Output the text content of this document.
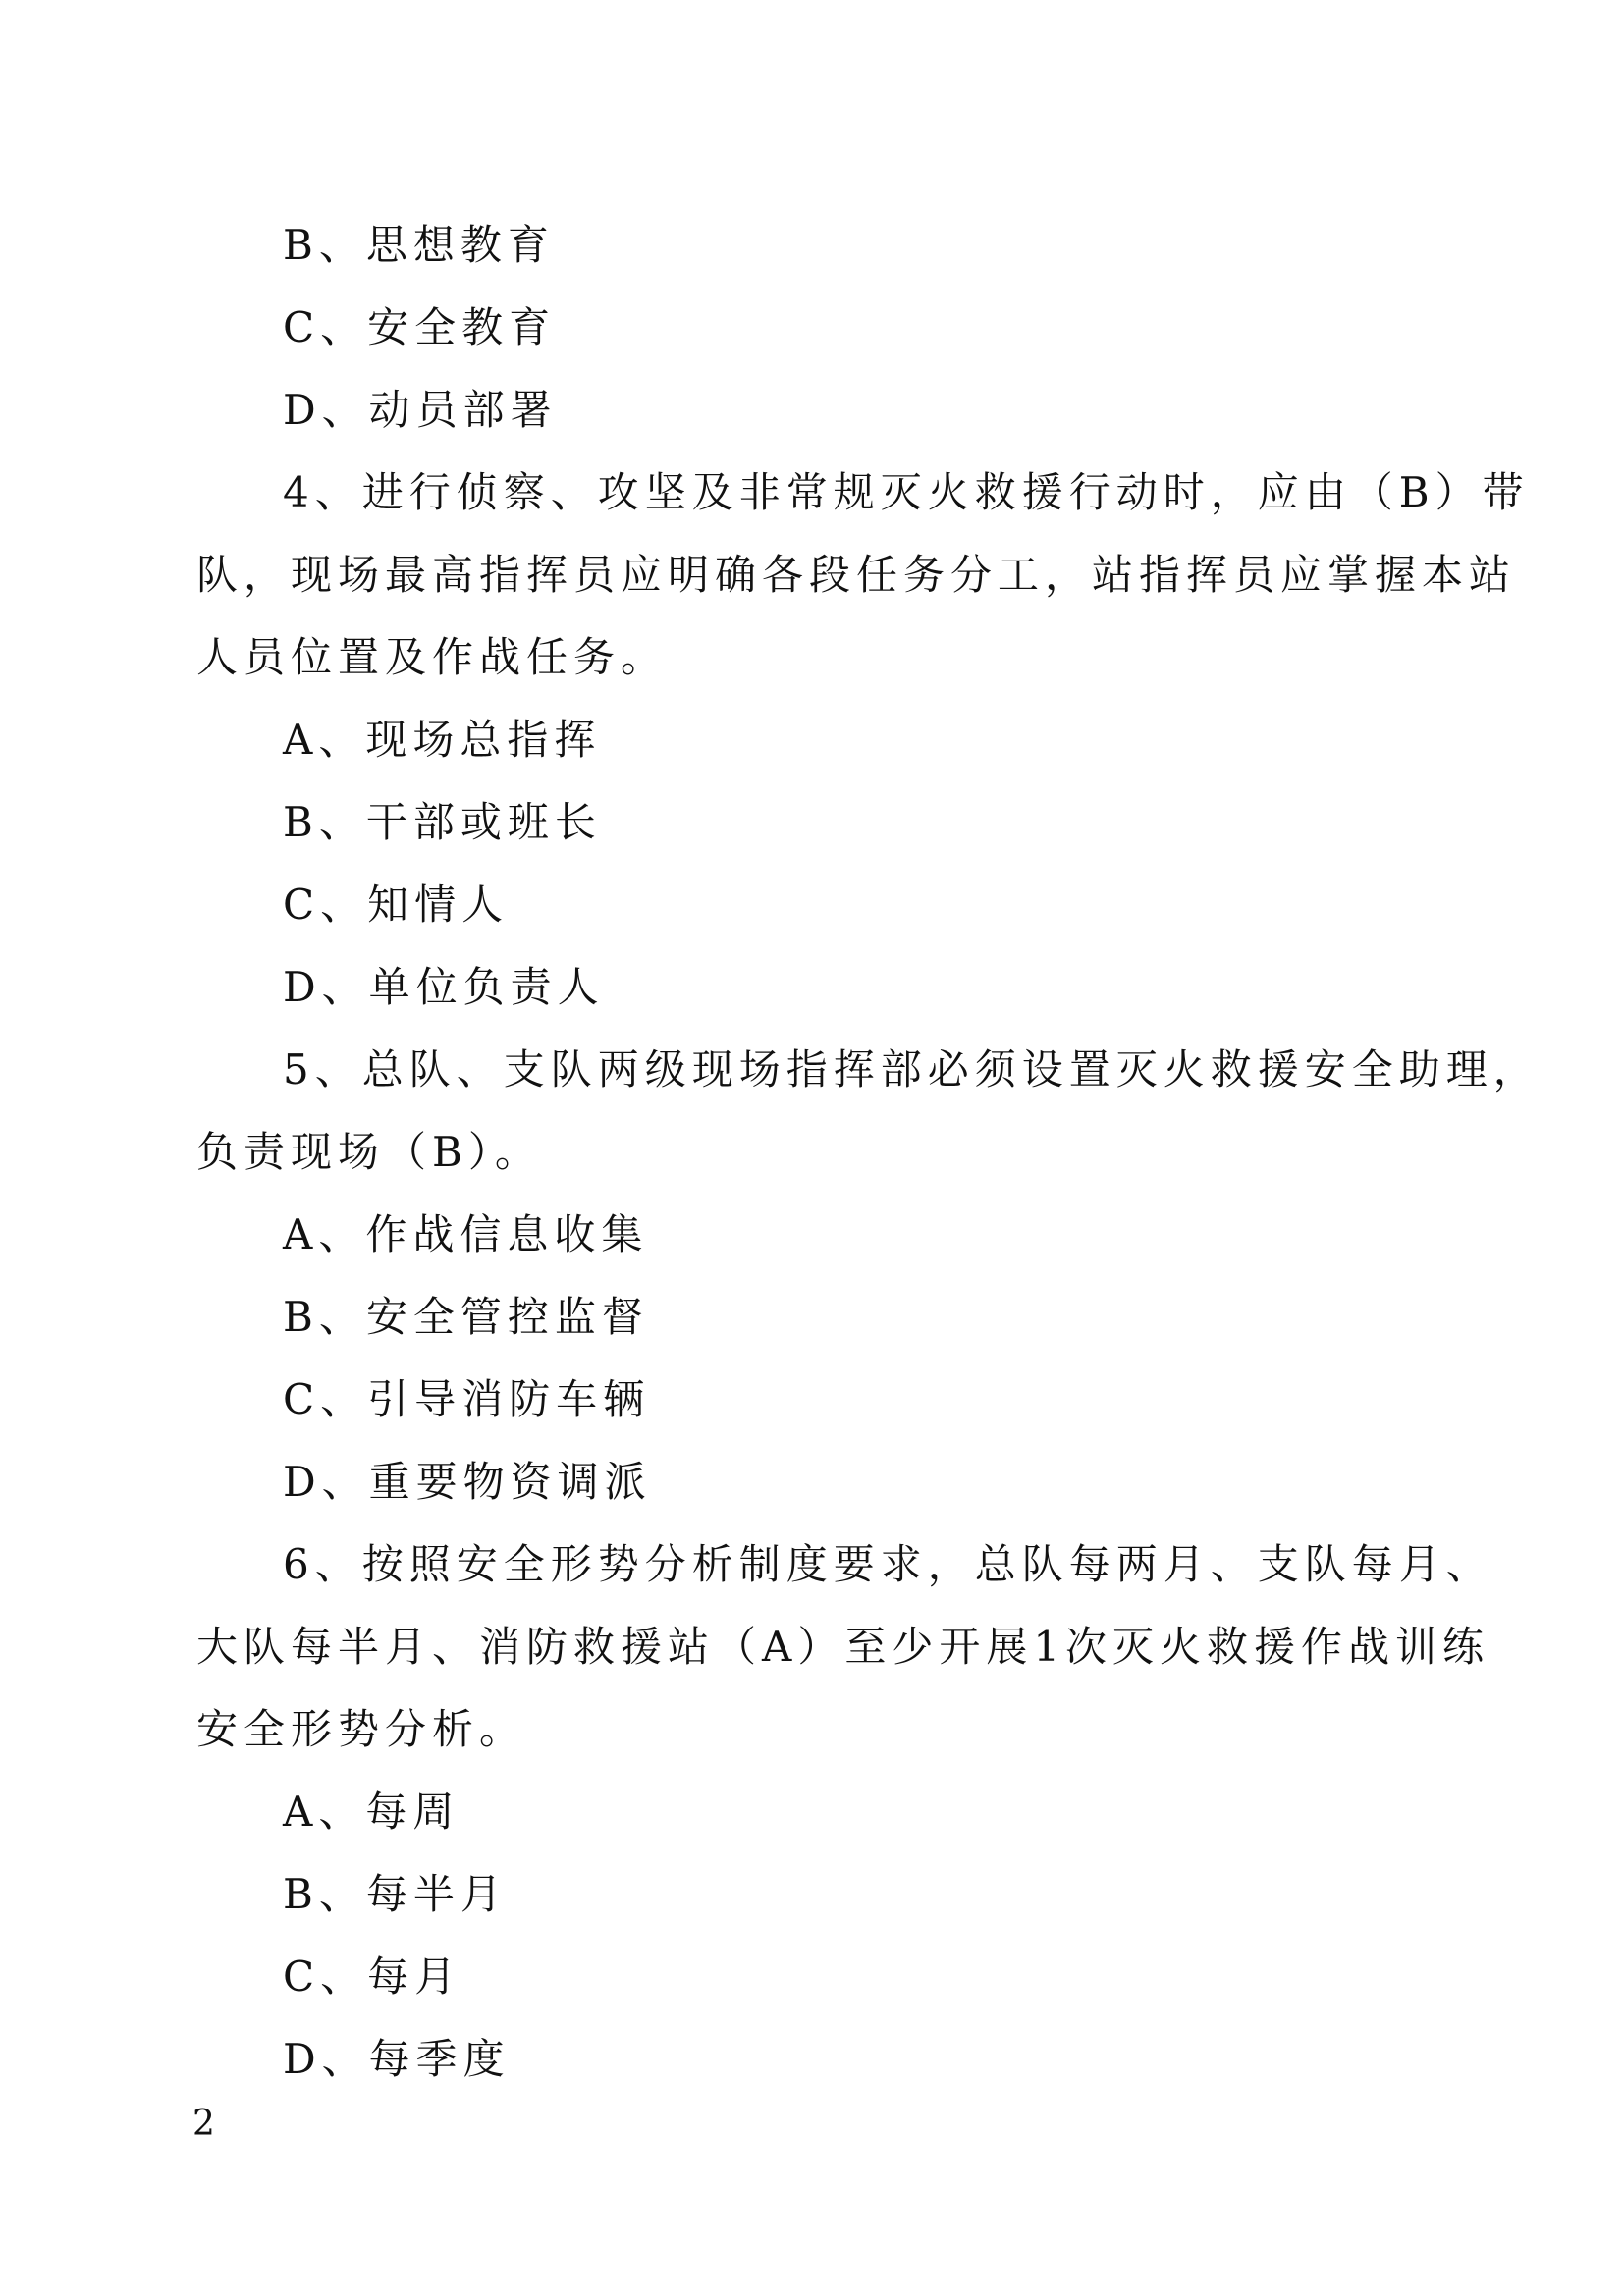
B、思想教育
C、安全教育
D、动员部署
4、进行侦察、攻坚及非常规灭火救援行动时，应由（B）带
队，现场最高指挥员应明确各段任务分工，站指挥员应掌握本站
人员位置及作战任务。
A、现场总指挥
B、干部或班长
C、知情人
D、单位负责人
5、总队、支队两级现场指挥部必须设置灭火救援安全助理，
负责现场（B）。
A、作战信息收集
B、安全管控监督
C、引导消防车辆
D、重要物资调派
6、按照安全形势分析制度要求，总队每两月、支队每月、
大队每半月、消防救援站（A）至少开展1次灭火救援作战训练
安全形势分析。
A、每周
B、每半月
C、每月
D、每季度
2
